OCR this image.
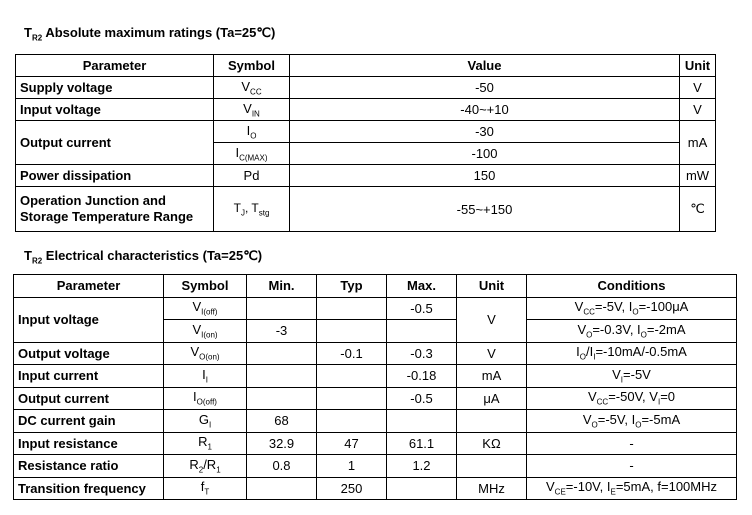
$T_{R2}$ Absolute maximum ratings (Ta=25℃)
Parameter	Symbol	Value	Unit
Supply voltage	$V_{CC}$	-50	V
Input voltage	$V_{IN}$	-40~+10	V
Output current	$I_O$	-30	mA
	$I_{C(MAX)}$	-100	
Power dissipation	Pd	150	mW
Operation Junction and Storage Temperature Range	$T_J$, $T_{stg}$	-55~+150	℃
$T_{R2}$ Electrical characteristics (Ta=25℃)
Parameter	Symbol	Min.	Typ	Max.	Unit	Conditions
Input voltage	$V_{I(off)}$			-0.5	V	$V_{CC}=-5V$, $I_O=-100\mu A$
	$V_{I(on)}$	-3				$V_O=-0.3V$, $I_O=-2mA$
Output voltage	$V_{O(on)}$		-0.1	-0.3	V	$I_O/I_I=-10mA/-0.5mA$
Input current	$I_I$			-0.18	mA	$V_I=-5V$
Output current	$I_{O(off)}$			-0.5	μA	$V_{CC}=-50V$, $V_I=0$
DC current gain	$G_I$	68				$V_O=-5V$, $I_O=-5mA$
Input resistance	$R_1$	32.9	47	61.1	KΩ	-
Resistance ratio	$R_2/R_1$	0.8	1	1.2		-
Transition frequency	$f_T$		250		MHz	$V_{CE}=-10V$, $I_E=5mA$, f=100MHz
